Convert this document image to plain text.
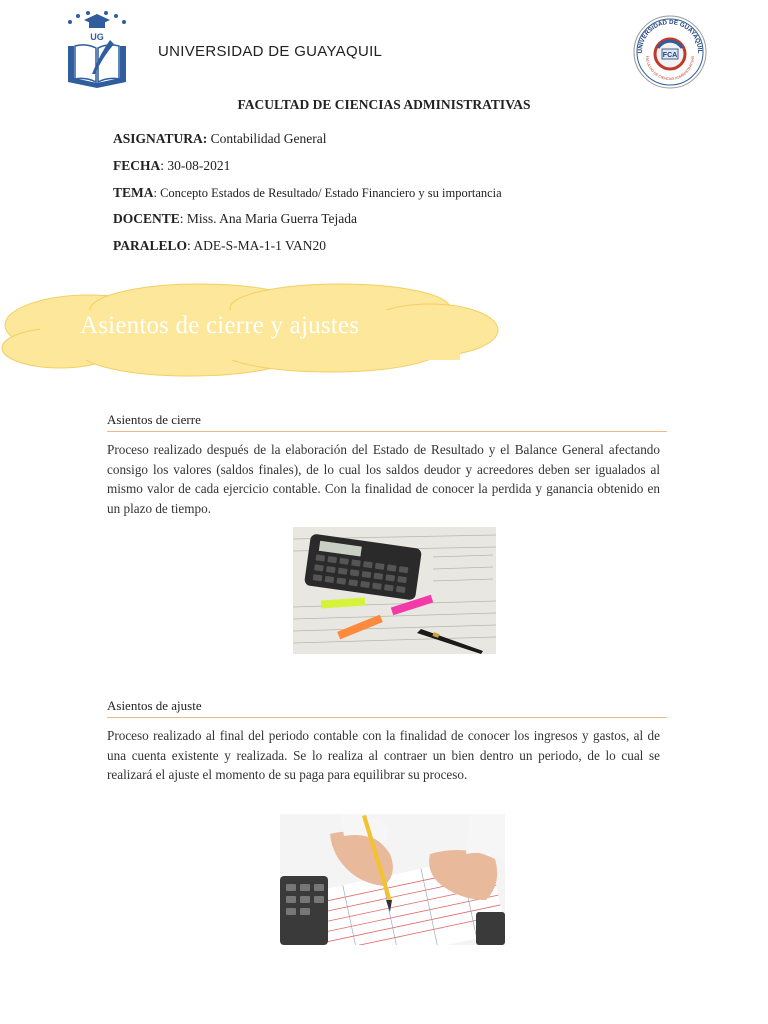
UG
UNIVERSIDAD DE GUAYAQUIL	UNIVERSIDAD DE GUAYAQUIL
FACULTAD DE CIENCIAS ADMINISTRATIVAS
FCA
FACULTAD DE CIENCIAS ADMINISTRATIVAS
ASIGNATURA: Contabilidad General
FECHA: 30-08-2021
TEMA: Concepto Estados de Resultado/ Estado Financiero y su importancia
DOCENTE: Miss. Ana Maria Guerra Tejada
PARALELO: ADE-S-MA-1-1 VAN20
Asientos de cierre y ajustes
Asientos de cierre
Proceso realizado después de la elaboración del Estado de Resultado y el Balance General afectando consigo los valores (saldos finales), de lo cual los saldos deudor y acreedores deben ser igualados al mismo valor de cada ejercicio contable. Con la finalidad de conocer la perdida y ganancia obtenido en un plazo de tiempo.
Asientos de ajuste
Proceso realizado al final del periodo contable con la finalidad de conocer los ingresos y gastos, al de una cuenta existente y realizada. Se lo realiza al contraer un bien dentro un periodo, de lo cual se realizará el ajuste el momento de su paga para equilibrar su proceso.
